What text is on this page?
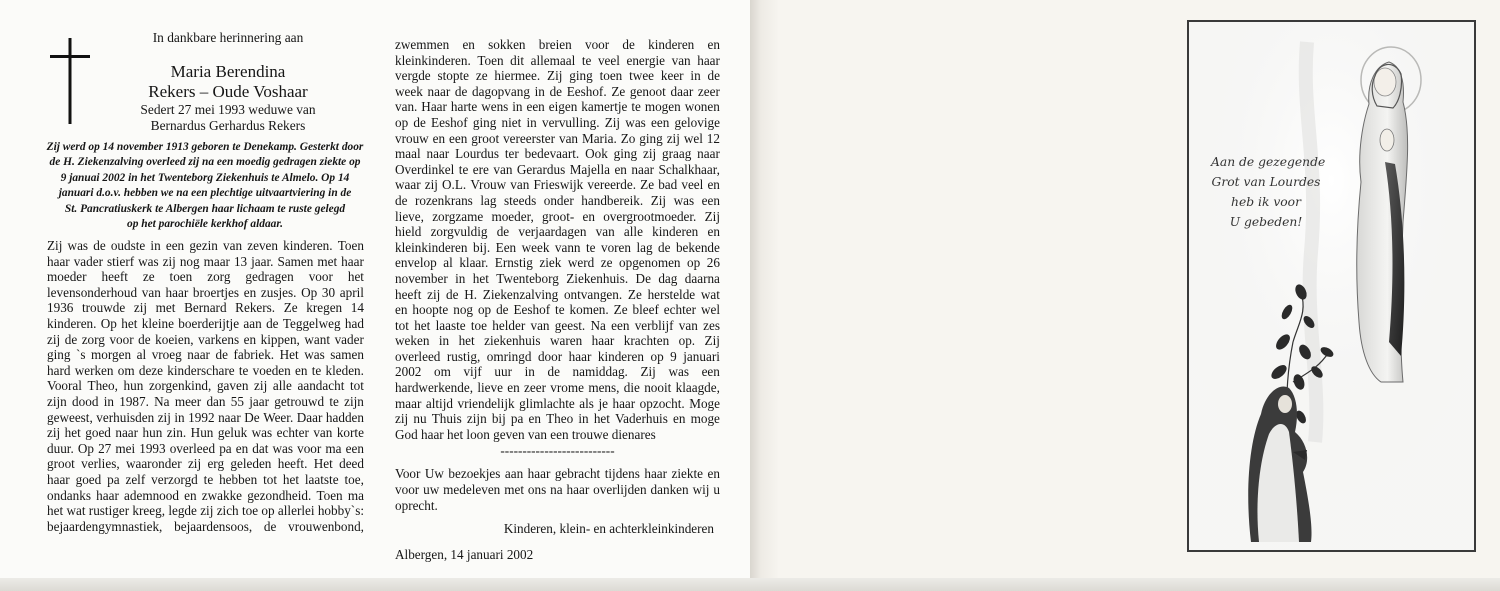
In dankbare herinnering aan
Maria Berendina
Rekers – Oude Voshaar
Sedert 27 mei 1993 weduwe van
Bernardus Gerhardus Rekers
Zij werd op 14 november 1913 geboren te Denekamp. Gesterkt door
de H. Ziekenzalving overleed zij na een moedig gedragen ziekte op
9 januai 2002 in het Twenteborg Ziekenhuis te Almelo. Op 14
januari d.o.v. hebben we na een plechtige uitvaartviering in de
St. Pancratiuskerk te Albergen haar lichaam te ruste gelegd
op het parochiële kerkhof aldaar.
Zij was de oudste in een gezin van zeven kinderen. Toen
haar vader stierf was zij nog maar 13 jaar. Samen met haar
moeder heeft ze toen zorg gedragen voor het
levensonderhoud van haar broertjes en zusjes. Op 30 april
1936 trouwde zij met Bernard Rekers. Ze kregen 14
kinderen. Op het kleine boerderijtje aan de Teggelweg had
zij de zorg voor de koeien, varkens en kippen, want vader
ging `s morgen al vroeg naar de fabriek. Het was samen
hard werken om deze kinderschare te voeden en te kleden.
Vooral Theo, hun zorgenkind, gaven zij alle aandacht tot
zijn dood in 1987. Na meer dan 55 jaar getrouwd te zijn
geweest, verhuisden zij in 1992 naar De Weer. Daar hadden
zij het goed naar hun zin. Hun geluk was echter van korte
duur. Op 27 mei 1993 overleed pa en dat was voor ma een
groot verlies, waaronder zij erg geleden heeft. Het deed
haar goed pa zelf verzorgd te hebben tot het laatste toe,
ondanks haar ademnood en zwakke gezondheid. Toen ma
het wat rustiger kreeg, legde zij zich toe op allerlei hobby`s:
bejaardengymnastiek, bejaardensoos, de vrouwenbond,
zwemmen en sokken breien voor de kinderen en
kleinkinderen. Toen dit allemaal te veel energie van haar
vergde stopte ze hiermee. Zij ging toen twee keer in de
week naar de dagopvang in de Eeshof. Ze genoot daar zeer
van. Haar harte wens in een eigen kamertje te mogen wonen
op de Eeshof ging niet in vervulling. Zij was een gelovige
vrouw en een groot vereerster van Maria. Zo ging zij wel 12
maal naar Lourdus ter bedevaart. Ook ging zij graag naar
Overdinkel te ere van Gerardus Majella en naar Schalkhaar,
waar zij O.L. Vrouw van Frieswijk vereerde. Ze bad veel en
de rozenkrans lag steeds onder handbereik. Zij was een
lieve, zorgzame moeder, groot- en overgrootmoeder. Zij
hield zorgvuldig de verjaardagen van alle kinderen en
kleinkinderen bij. Een week vann te voren lag de bekende
envelop al klaar. Ernstig ziek werd ze opgenomen op 26
november in het Twenteborg Ziekenhuis. De dag daarna
heeft zij de H. Ziekenzalving ontvangen. Ze herstelde wat
en hoopte nog op de Eeshof te komen. Ze bleef echter wel
tot het laaste toe helder van geest. Na een verblijf van zes
weken in het ziekenhuis waren haar krachten op. Zij
overleed rustig, omringd door haar kinderen op 9 januari
2002 om vijf uur in de namiddag. Zij was een
hardwerkende, lieve en zeer vrome mens, die nooit klaagde,
maar altijd vriendelijk glimlachte als je haar opzocht. Moge
zij nu Thuis zijn bij pa en Theo in het Vaderhuis en moge
God haar het loon geven van een trouwe dienares
--------------------------
Voor Uw bezoekjes aan haar gebracht tijdens haar ziekte en
voor uw medeleven met ons na haar overlijden danken wij u
oprecht.
Kinderen, klein- en achterkleinkinderen
Albergen, 14 januari 2002
Aan de gezegende
Grot van Lourdes
heb ik voor
U gebeden!
